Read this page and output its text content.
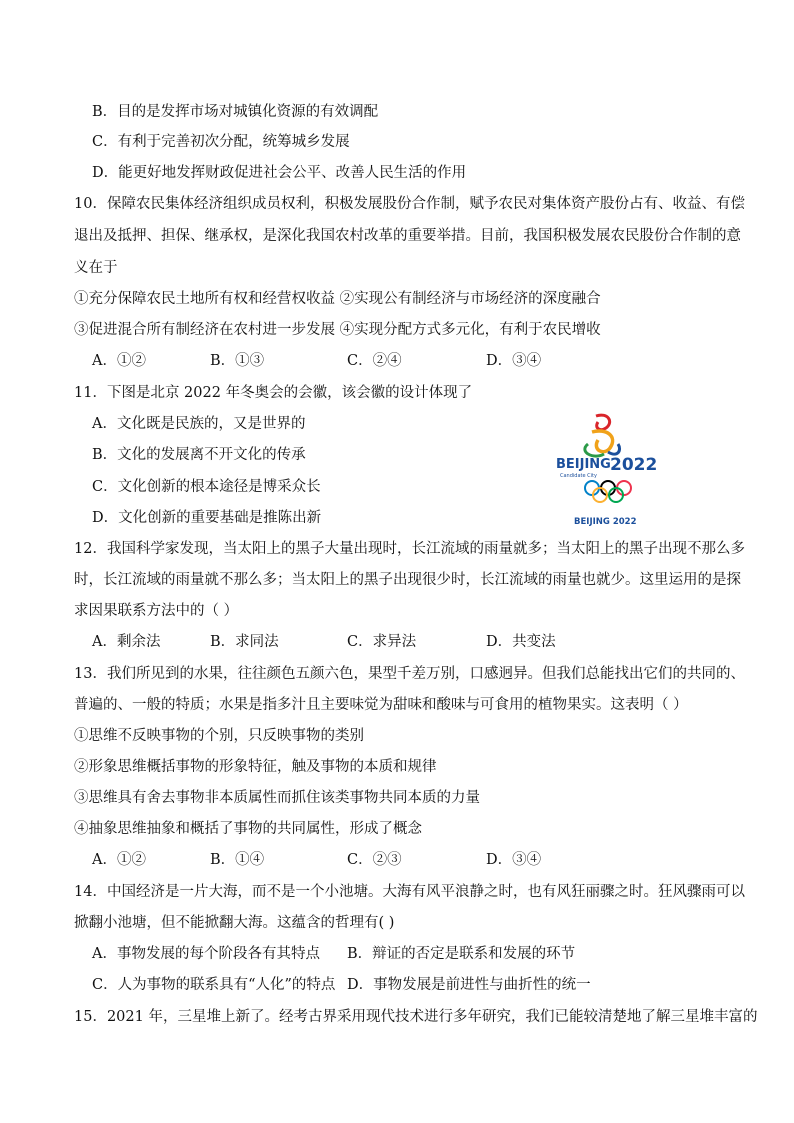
B．目的是发挥市场对城镇化资源的有效调配
C．有利于完善初次分配，统筹城乡发展
D．能更好地发挥财政促进社会公平、改善人民生活的作用
10．保障农民集体经济组织成员权利，积极发展股份合作制，赋予农民对集体资产股份占有、收益、有偿
退出及抵押、担保、继承权，是深化我国农村改革的重要举措。目前，我国积极发展农民股份合作制的意
义在于
①充分保障农民土地所有权和经营权收益 ②实现公有制经济与市场经济的深度融合
③促进混合所有制经济在农村进一步发展 ④实现分配方式多元化，有利于农民增收
A．①②	B．①③	C．②④	D．③④
11．下图是北京 2022 年冬奥会的会徽，该会徽的设计体现了
A．文化既是民族的，又是世界的
B．文化的发展离不开文化的传承
C．文化创新的根本途径是博采众长
D．文化创新的重要基础是推陈出新
BEIJING 2022
Candidate City
BEIJING 2022
12．我国科学家发现，当太阳上的黑子大量出现时，长江流域的雨量就多；当太阳上的黑子出现不那么多
时，长江流域的雨量就不那么多；当太阳上的黑子出现很少时，长江流域的雨量也就少。这里运用的是探
求因果联系方法中的（ ）
A．剩余法	B．求同法	C．求异法	D．共变法
13．我们所见到的水果，往往颜色五颜六色，果型千差万别，口感迥异。但我们总能找出它们的共同的、
普遍的、一般的特质；水果是指多汁且主要味觉为甜味和酸味与可食用的植物果实。这表明（ ）
①思维不反映事物的个别，只反映事物的类别
②形象思维概括事物的形象特征，触及事物的本质和规律
③思维具有舍去事物非本质属性而抓住该类事物共同本质的力量
④抽象思维抽象和概括了事物的共同属性，形成了概念
A．①②	B．①④	C．②③	D．③④
14．中国经济是一片大海，而不是一个小池塘。大海有风平浪静之时，也有风狂丽骤之时。狂风骤雨可以
掀翻小池塘，但不能掀翻大海。这蕴含的哲理有( )
A．事物发展的每个阶段各有其特点 B．辩证的否定是联系和发展的环节
C．人为事物的联系具有“人化”的特点 D．事物发展是前进性与曲折性的统一
15．2021 年，三星堆上新了。经考古界采用现代技术进行多年研究，我们已能较清楚地了解三星堆丰富的
